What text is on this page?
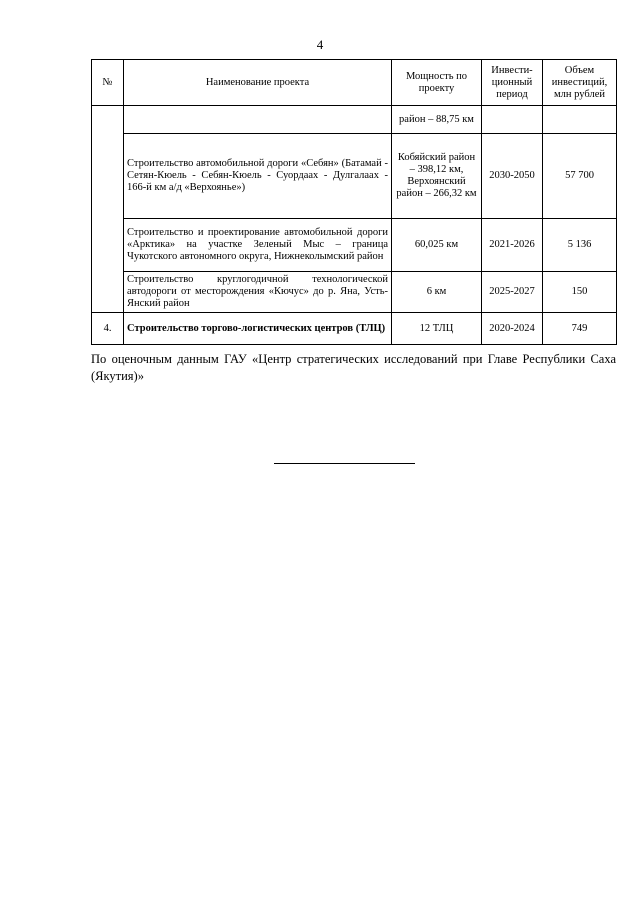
4
№	Наименование проекта	Мощность по проекту	Инвести-ционный период	Объем инвестиций, млн рублей
		район – 88,75 км		
	Строительство автомобильной дороги «Себян» (Батамай - Сетян-Кюель - Себян-Кюель - Суордаах - Дулгалаах - 166-й км а/д «Верхоянье»)	Кобяйский район – 398,12 км, Верхоянский район – 266,32 км	2030-2050	57 700
	Строительство и проектирование автомобильной дороги «Арктика» на участке Зеленый Мыс – граница Чукотского автономного округа, Нижнеколымский район	60,025 км	2021-2026	5 136
	Строительство круглогодичной технологической автодороги от месторождения «Кючус» до р. Яна, Усть-Янский район	6 км	2025-2027	150
4.	Строительство торгово-логистических центров (ТЛЦ)	12 ТЛЦ	2020-2024	749
По оценочным данным ГАУ «Центр стратегических исследований при Главе Республики Саха (Якутия)»
